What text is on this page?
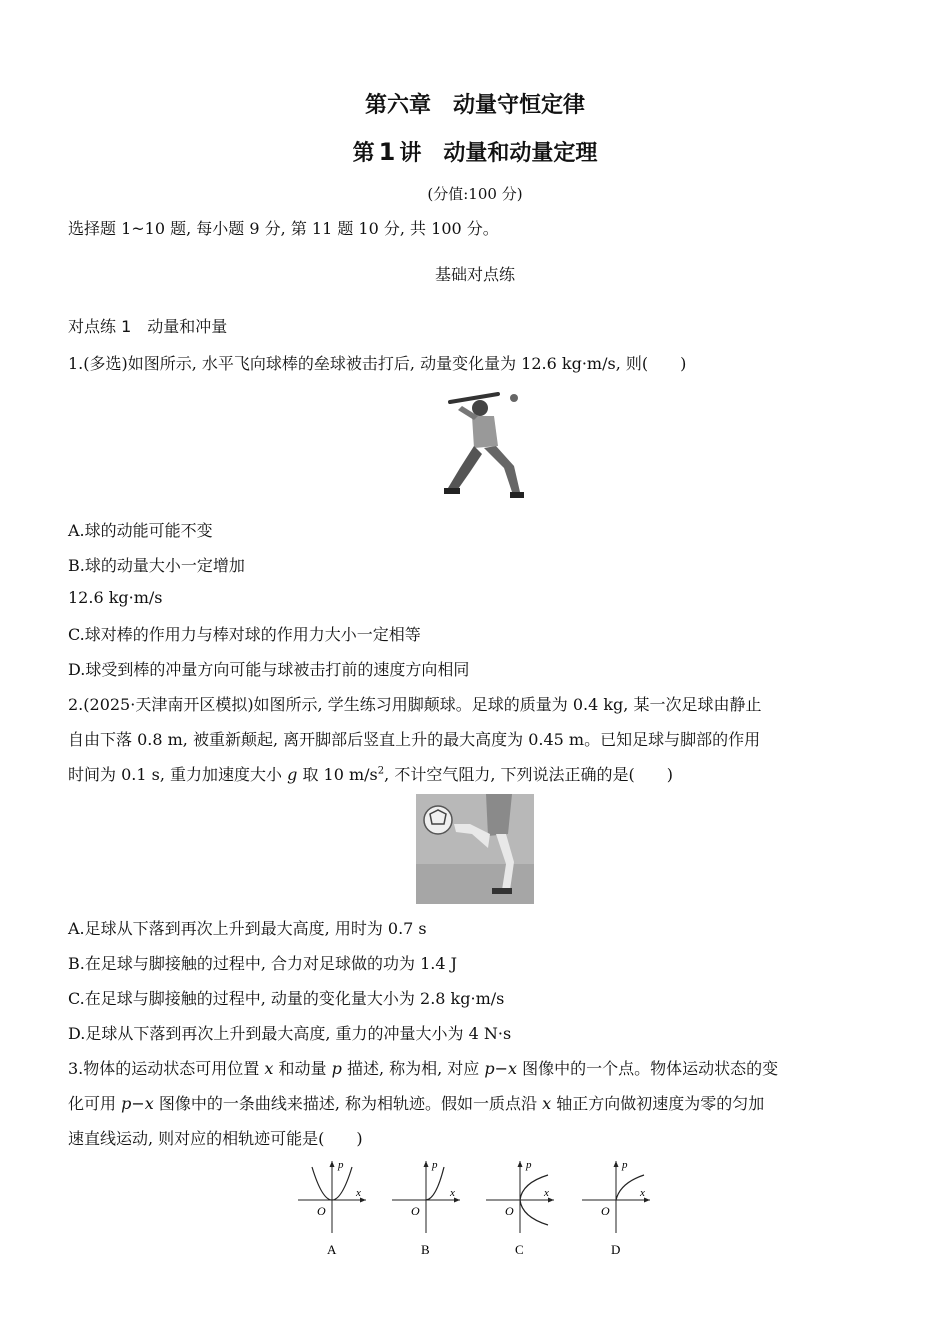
第六章　动量守恒定律
第 1 讲　动量和动量定理
(分值:100 分)
选择题 1~10 题, 每小题 9 分, 第 11 题 10 分, 共 100 分。
基础对点练
对点练 1　动量和冲量
1.(多选)如图所示, 水平飞向球棒的垒球被击打后, 动量变化量为 12.6 kg·m/s, 则(　　)
A.球的动能可能不变
B.球的动量大小一定增加
12.6 kg·m/s
C.球对棒的作用力与棒对球的作用力大小一定相等
D.球受到棒的冲量方向可能与球被击打前的速度方向相同
2.(2025·天津南开区模拟)如图所示, 学生练习用脚颠球。足球的质量为 0.4 kg, 某一次足球由静止
自由下落 0.8 m, 被重新颠起, 离开脚部后竖直上升的最大高度为 0.45 m。已知足球与脚部的作用
时间为 0.1 s, 重力加速度大小 g 取 10 $m/s^2$, 不计空气阻力, 下列说法正确的是(　　)
A.足球从下落到再次上升到最大高度, 用时为 0.7 s
B.在足球与脚接触的过程中, 合力对足球做的功为 1.4 J
C.在足球与脚接触的过程中, 动量的变化量大小为 2.8 kg·m/s
D.足球从下落到再次上升到最大高度, 重力的冲量大小为 4 N·s
3.物体的运动状态可用位置 x 和动量 p 描述, 称为相, 对应 p−x 图像中的一个点。物体运动状态的变
化可用 p−x 图像中的一条曲线来描述, 称为相轨迹。假如一质点沿 x 轴正方向做初速度为零的匀加
速直线运动, 则对应的相轨迹可能是(　　)
p
x
O
A
p
x
O
B
p
x
O
C
p
x
O
D
